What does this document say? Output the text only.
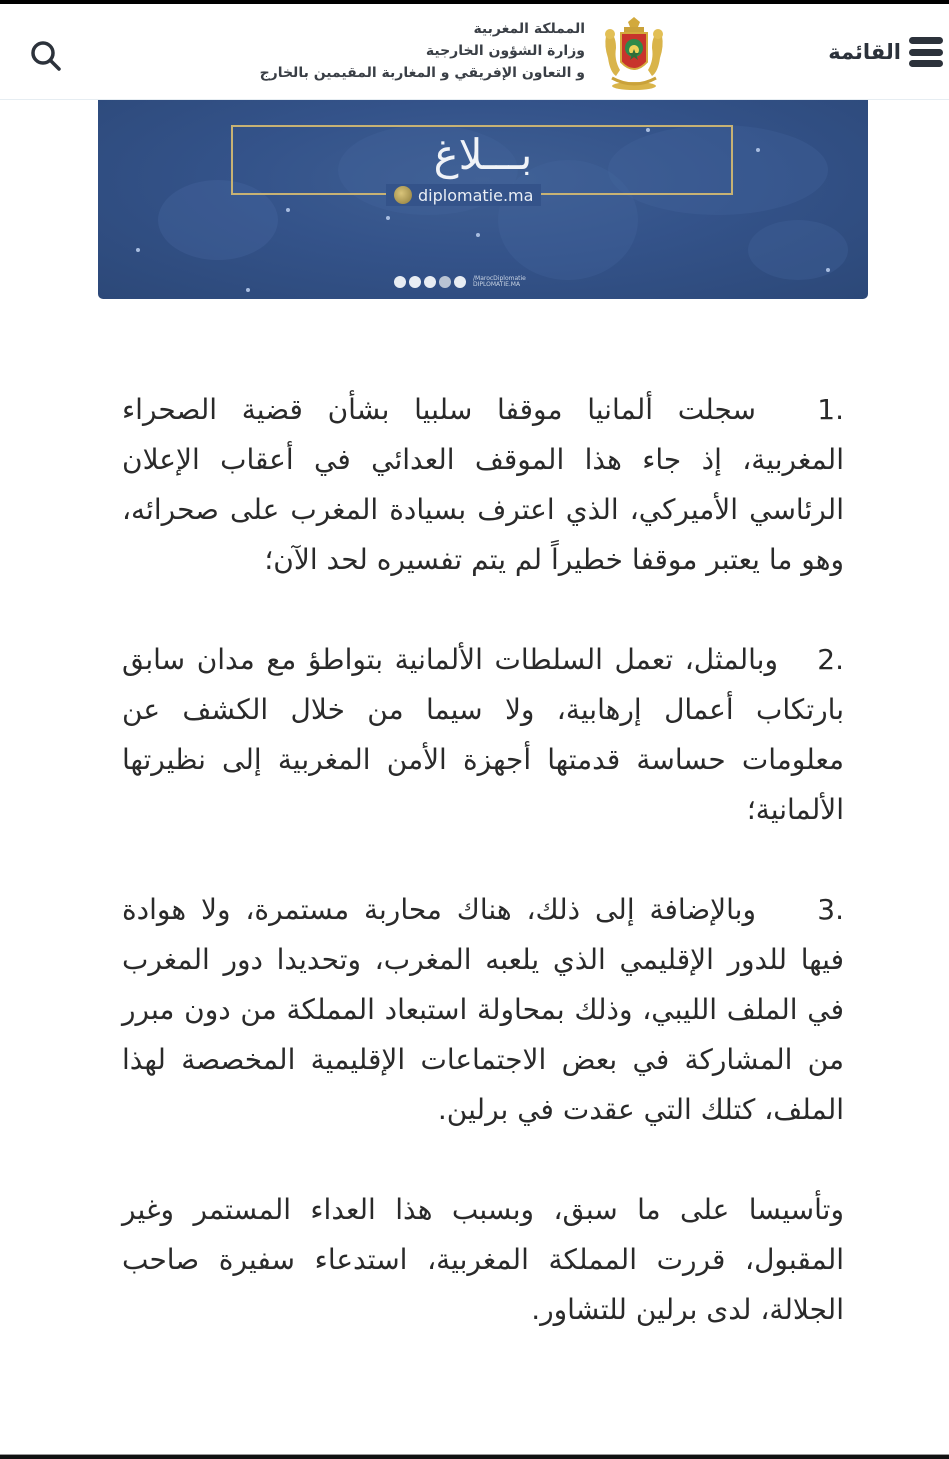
القائمة
المملكة المغربية
وزارة الشؤون الخارجية
و التعاون الإفريقي و المغاربة المقيمين بالخارج
بـــلاغ
diplomatie.ma
/MarocDiplomatie
DIPLOMATIE.MA

1.سجلت ألمانيا موقفا سلبيا بشأن قضية الصحراء المغربية، إذ جاء هذا الموقف العدائي في أعقاب الإعلان الرئاسي الأميركي، الذي اعترف بسيادة المغرب على صحرائه، وهو ما يعتبر موقفا خطيراً لم يتم تفسيره لحد الآن؛

2.وبالمثل، تعمل السلطات الألمانية بتواطؤ مع مدان سابق بارتكاب أعمال إرهابية، ولا سيما من خلال الكشف عن معلومات حساسة قدمتها أجهزة الأمن المغربية إلى نظيرتها الألمانية؛

3.وبالإضافة إلى ذلك، هناك محاربة مستمرة، ولا هوادة فيها للدور الإقليمي الذي يلعبه المغرب، وتحديدا دور المغرب في الملف الليبي، وذلك بمحاولة استبعاد المملكة من دون مبرر من المشاركة في بعض الاجتماعات الإقليمية المخصصة لهذا الملف، كتلك التي عقدت في برلين.

وتأسيسا على ما سبق، وبسبب هذا العداء المستمر وغير المقبول، قررت المملكة المغربية، استدعاء سفيرة صاحب الجلالة، لدى برلين للتشاور.
